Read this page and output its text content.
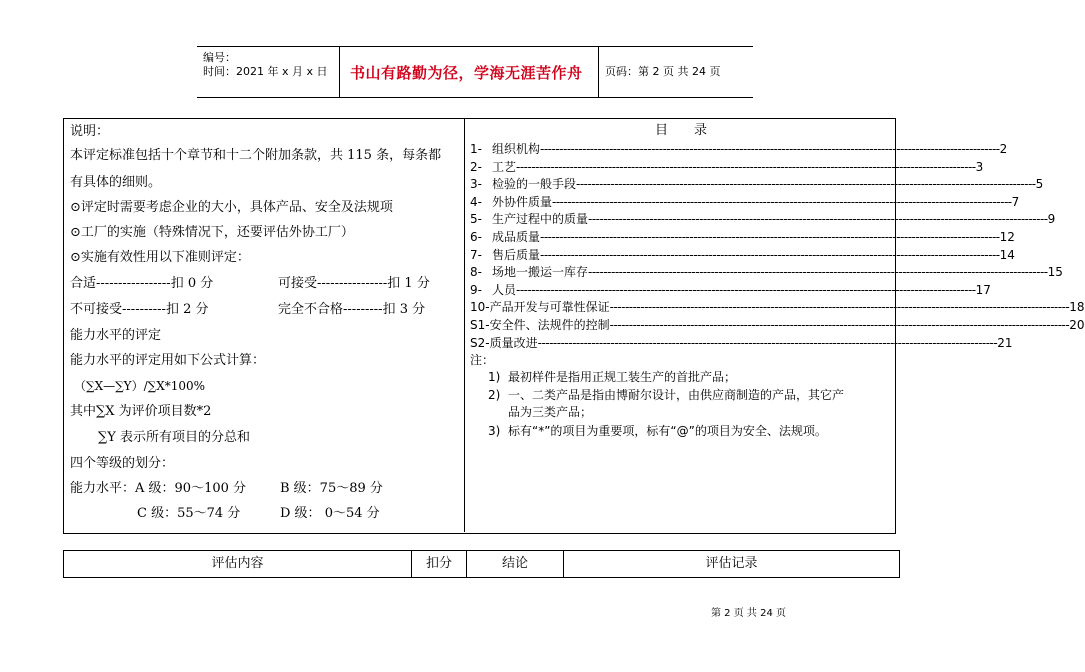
编号：
时间：2021 年 x 月 x 日 书山有路勤为径，学海无涯苦作舟 页码：第 2 页 共 24 页
说明：
本评定标准包括十个章节和十二个附加条款，共 115 条，每条都
有具体的细则。
⊙评定时需要考虑企业的大小，具体产品、安全及法规项
⊙工厂的实施（特殊情况下，还要评估外协工厂）
⊙实施有效性用以下准则评定：
合适-----------------扣 0 分	可接受----------------扣 1 分
不可接受----------扣 2 分	完全不合格---------扣 3 分
能力水平的评定
能力水平的评定用如下公式计算：
（∑X—∑Y）/∑X*100%
其中∑X 为评价项目数*2
∑Y 表示所有项目的分总和
四个等级的划分：
能力水平：A 级：90～100 分	B 级：75～89 分
C 级：55～74 分	D 级： 0～54 分
目　　录
1- 组织机构 ------------------------------------------------------------------------------------------------------------------------ 2
2- 工艺 ------------------------------------------------------------------------------------------------------------------------ 3
3- 检验的一般手段 ------------------------------------------------------------------------------------------------------------------------ 5
4- 外协件质量 ------------------------------------------------------------------------------------------------------------------------ 7
5- 生产过程中的质量 ------------------------------------------------------------------------------------------------------------------------ 9
6- 成品质量 ------------------------------------------------------------------------------------------------------------------------ 12
7- 售后质量 ------------------------------------------------------------------------------------------------------------------------ 14
8- 场地一搬运一库存 ------------------------------------------------------------------------------------------------------------------------ 15
9- 人员 ------------------------------------------------------------------------------------------------------------------------ 17
10- 产品开发与可靠性保证 ------------------------------------------------------------------------------------------------------------------------ 18
S1- 安全件、法规件的控制 ------------------------------------------------------------------------------------------------------------------------ 20
S2- 质量改进 ------------------------------------------------------------------------------------------------------------------------ 21
注：
1) 最初样件是指用正规工装生产的首批产品；
2) 一、二类产品是指由博耐尔设计，由供应商制造的产品，其它产
品为三类产品；
3) 标有“*”的项目为重要项，标有“@”的项目为安全、法规项。
评估内容	扣分	结论	评估记录
第 2 页 共 24 页
